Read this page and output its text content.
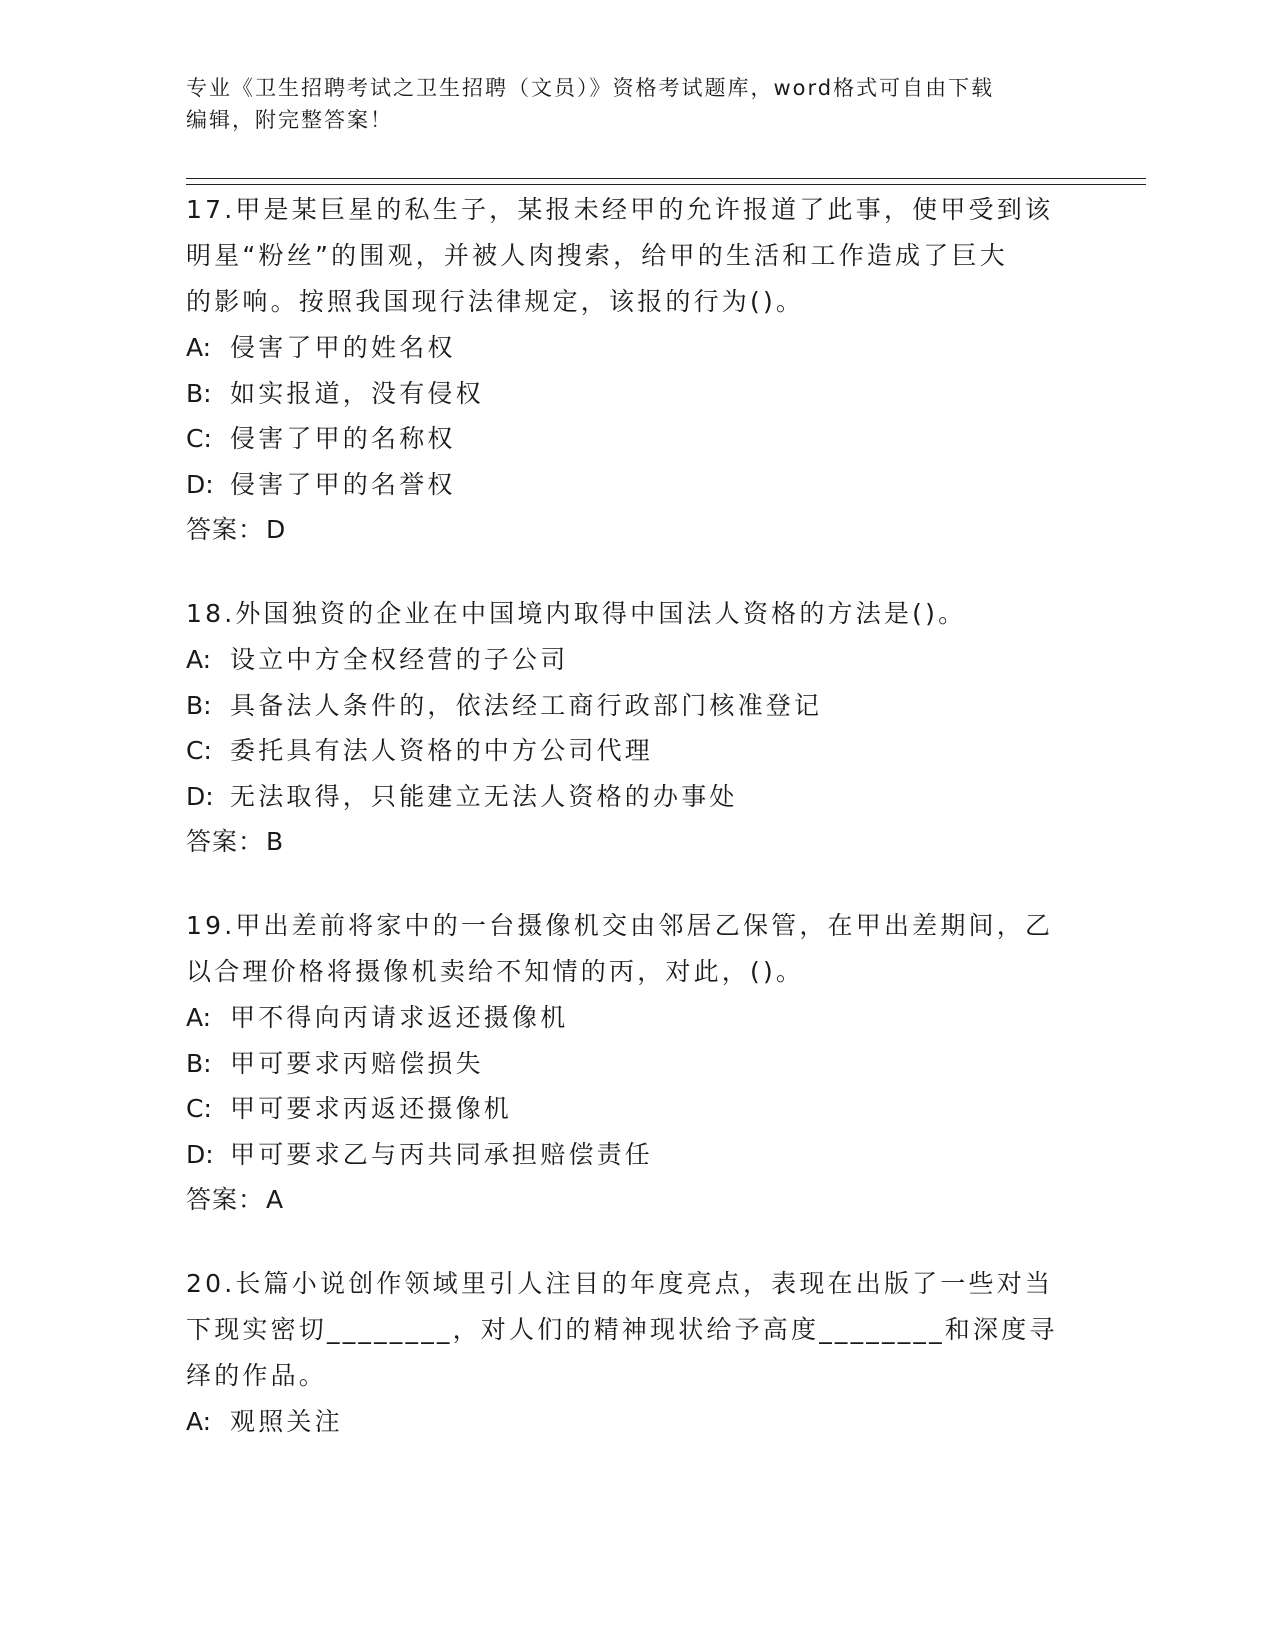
专业《卫生招聘考试之卫生招聘（文员）》资格考试题库，word格式可自由下载
编辑，附完整答案！
17.甲是某巨星的私生子，某报未经甲的允许报道了此事，使甲受到该
明星“粉丝”的围观，并被人肉搜索，给甲的生活和工作造成了巨大
的影响。按照我国现行法律规定，该报的行为()。
A: 侵害了甲的姓名权
B: 如实报道，没有侵权
C: 侵害了甲的名称权
D: 侵害了甲的名誉权
答案：D
18.外国独资的企业在中国境内取得中国法人资格的方法是()。
A: 设立中方全权经营的子公司
B: 具备法人条件的，依法经工商行政部门核准登记
C: 委托具有法人资格的中方公司代理
D: 无法取得，只能建立无法人资格的办事处
答案：B
19.甲出差前将家中的一台摄像机交由邻居乙保管，在甲出差期间，乙
以合理价格将摄像机卖给不知情的丙，对此，()。
A: 甲不得向丙请求返还摄像机
B: 甲可要求丙赔偿损失
C: 甲可要求丙返还摄像机
D: 甲可要求乙与丙共同承担赔偿责任
答案：A
20.长篇小说创作领域里引人注目的年度亮点，表现在出版了一些对当
下现实密切________，对人们的精神现状给予高度________和深度寻
绎的作品。
A: 观照关注
